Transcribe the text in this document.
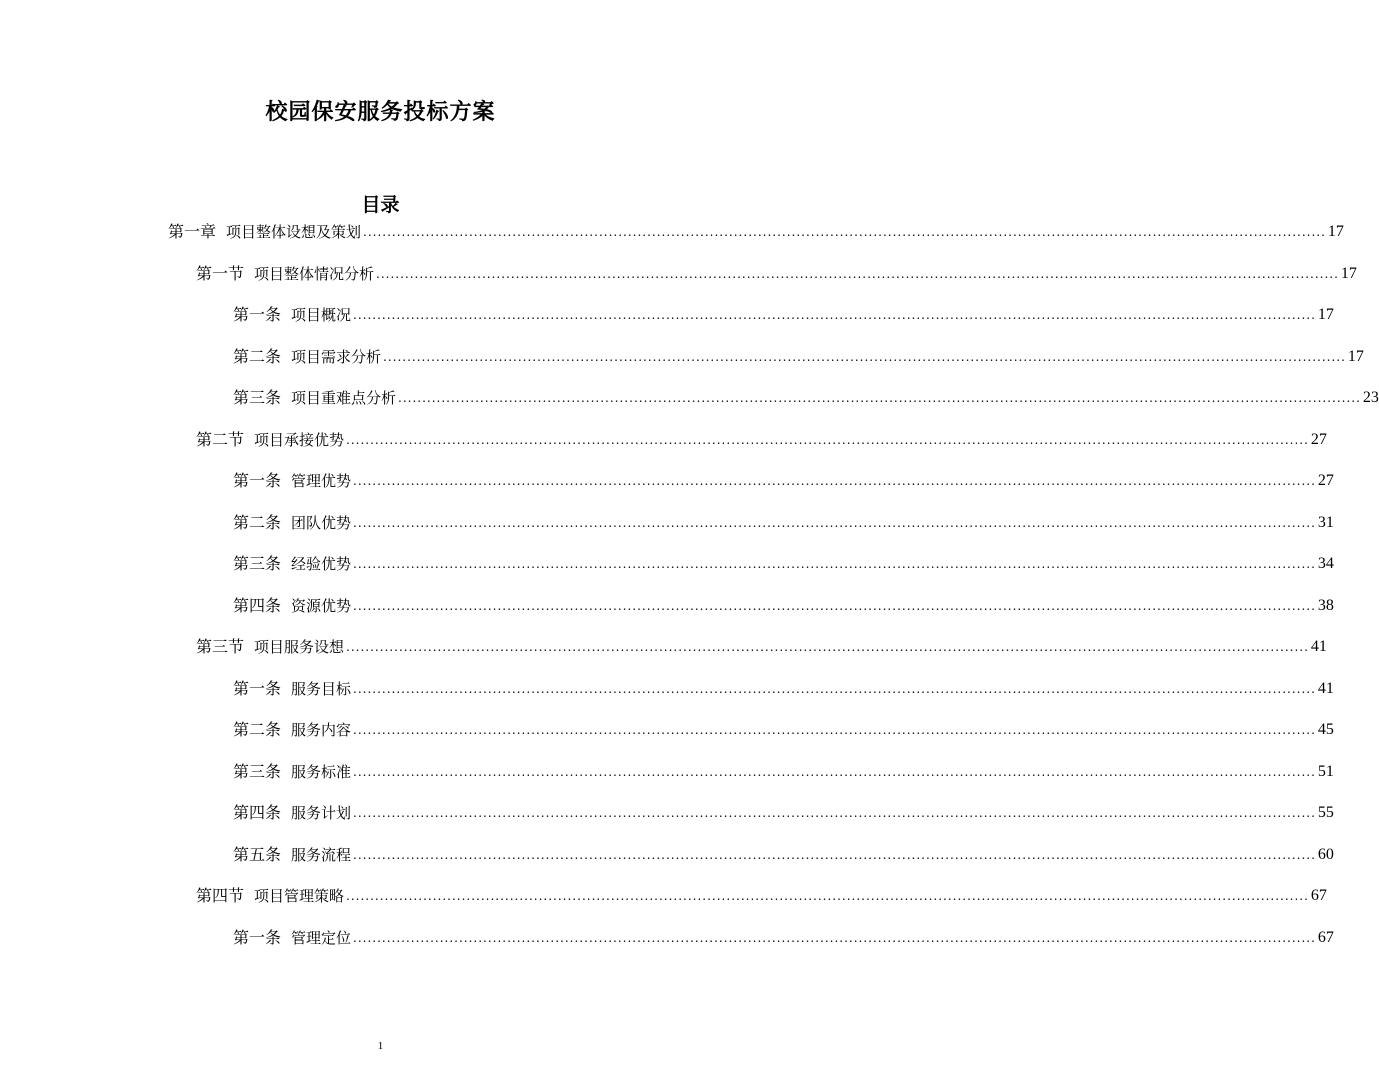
校园保安服务投标方案
目录
第一章 项目整体设想及策划 ........................................................................................................................................................................................................ 17
第一节 项目整体情况分析 ........................................................................................................................................................................................................ 17
第一条 项目概况 ........................................................................................................................................................................................................ 17
第二条 项目需求分析 ........................................................................................................................................................................................................ 17
第三条 项目重难点分析 ........................................................................................................................................................................................................ 23
第二节 项目承接优势 ........................................................................................................................................................................................................ 27
第一条 管理优势 ........................................................................................................................................................................................................ 27
第二条 团队优势 ........................................................................................................................................................................................................ 31
第三条 经验优势 ........................................................................................................................................................................................................ 34
第四条 资源优势 ........................................................................................................................................................................................................ 38
第三节 项目服务设想 ........................................................................................................................................................................................................ 41
第一条 服务目标 ........................................................................................................................................................................................................ 41
第二条 服务内容 ........................................................................................................................................................................................................ 45
第三条 服务标准 ........................................................................................................................................................................................................ 51
第四条 服务计划 ........................................................................................................................................................................................................ 55
第五条 服务流程 ........................................................................................................................................................................................................ 60
第四节 项目管理策略 ........................................................................................................................................................................................................ 67
第一条 管理定位 ........................................................................................................................................................................................................ 67
1
